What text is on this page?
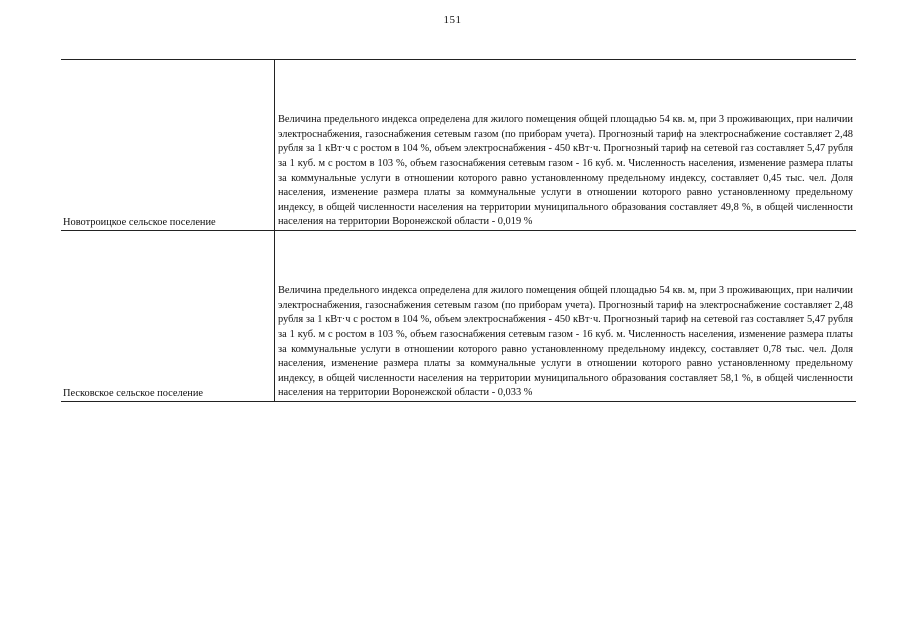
151
Новотроицкое сельское поселение

Величина предельного индекса определена для жилого помещения общей площадью 54 кв. м, при 3 проживающих, при наличии электроснабжения, газоснабжения сетевым газом (по приборам учета). Прогнозный тариф на электроснабжение составляет 2,48 рубля за 1 кВт·ч с ростом в 104 %, объем электроснабжения - 450 кВт·ч. Прогнозный тариф на сетевой газ составляет 5,47 рубля за 1 куб. м с ростом в 103 %, объем газоснабжения сетевым газом - 16 куб. м. Численность населения, изменение размера платы за коммунальные услуги в отношении которого равно установленному предельному индексу, составляет 0,45 тыс. чел. Доля населения, изменение размера платы за коммунальные услуги в отношении которого равно установленному предельному индексу, в общей численности населения на территории муниципального образования составляет 49,8 %, в общей численности населения на территории Воронежской области - 0,019 %

Песковское сельское поселение

Величина предельного индекса определена для жилого помещения общей площадью 54 кв. м, при 3 проживающих, при наличии электроснабжения, газоснабжения сетевым газом (по приборам учета). Прогнозный тариф на электроснабжение составляет 2,48 рубля за 1 кВт·ч с ростом в 104 %, объем электроснабжения - 450 кВт·ч. Прогнозный тариф на сетевой газ составляет 5,47 рубля за 1 куб. м с ростом в 103 %, объем газоснабжения сетевым газом - 16 куб. м. Численность населения, изменение размера платы за коммунальные услуги в отношении которого равно установленному предельному индексу, составляет 0,78 тыс. чел. Доля населения, изменение размера платы за коммунальные услуги в отношении которого равно установленному предельному индексу, в общей численности населения на территории муниципального образования составляет 58,1 %, в общей численности населения на территории Воронежской области - 0,033 %
